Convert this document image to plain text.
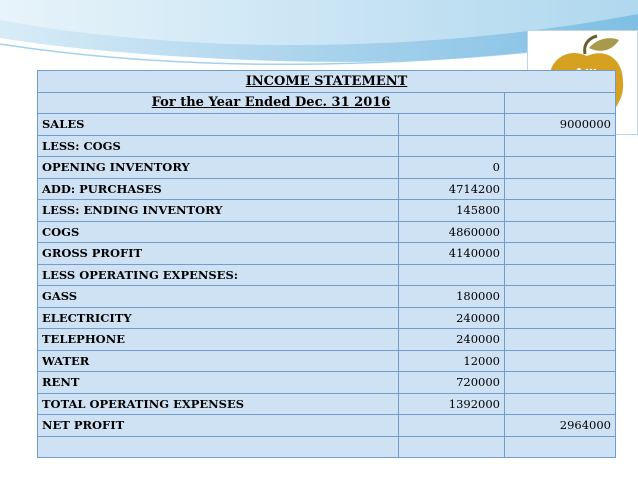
INCOME STATEMENT		
For the Year Ended Dec. 31 2016		
SALES		9000000
LESS: COGS		
OPENING INVENTORY	0	
ADD: PURCHASES	4714200	
LESS: ENDING INVENTORY	145800	
COGS	4860000	
GROSS PROFIT	4140000	
LESS OPERATING EXPENSES:		
GASS	180000	
ELECTRICITY	240000	
TELEPHONE	240000	
WATER	12000	
RENT	720000	
TOTAL OPERATING EXPENSES	1392000	
NET PROFIT		2964000
